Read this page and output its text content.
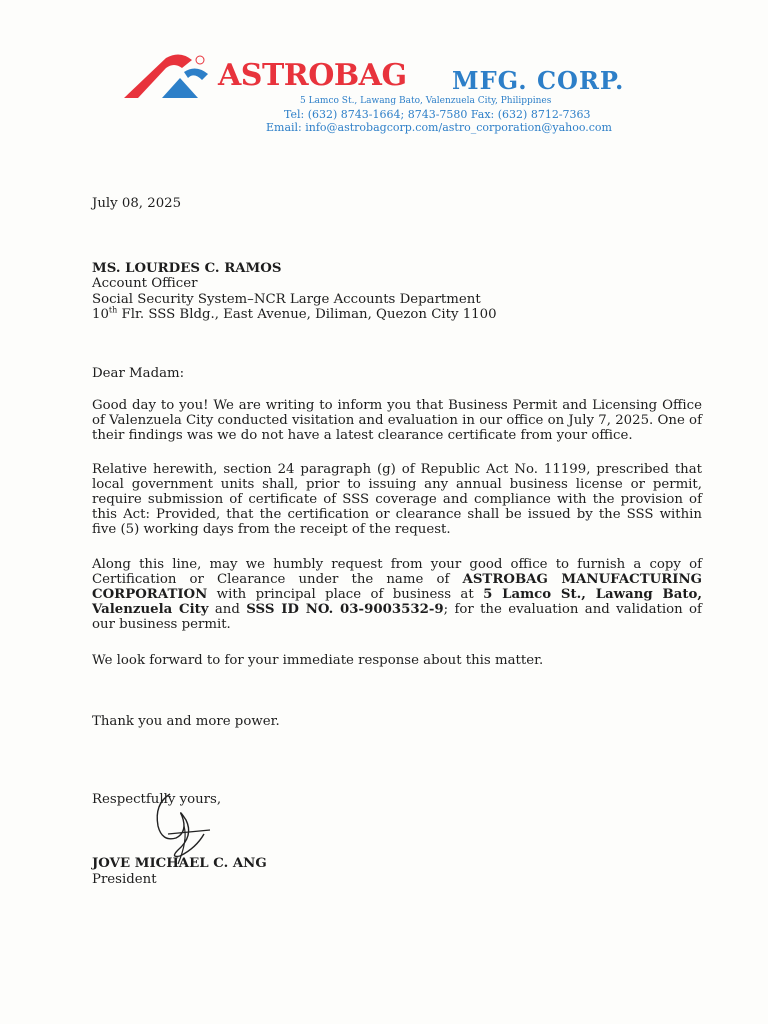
ASTROBAG MFG. CORP.
5 Lamco St., Lawang Bato, Valenzuela City, Philippines
Tel: (632) 8743-1664; 8743-7580 Fax: (632) 8712-7363
Email: info@astrobagcorp.com/astro_corporation@yahoo.com
July 08, 2025
MS. LOURDES C. RAMOS
Account Officer
Social Security System–NCR Large Accounts Department
10th Flr. SSS Bldg., East Avenue, Diliman, Quezon City 1100
Dear Madam:
Good day to you! We are writing to inform you that Business Permit and Licensing Office of Valenzuela City conducted visitation and evaluation in our office on July 7, 2025. One of their findings was we do not have a latest clearance certificate from your office.
Relative herewith, section 24 paragraph (g) of Republic Act No. 11199, prescribed that local government units shall, prior to issuing any annual business license or permit, require submission of certificate of SSS coverage and compliance with the provision of this Act: Provided, that the certification or clearance shall be issued by the SSS within five (5) working days from the receipt of the request.
Along this line, may we humbly request from your good office to furnish a copy of Certification or Clearance under the name of ASTROBAG MANUFACTURING CORPORATION with principal place of business at 5 Lamco St., Lawang Bato, Valenzuela City and SSS ID NO. 03-9003532-9; for the evaluation and validation of our business permit.
We look forward to for your immediate response about this matter.
Thank you and more power.
Respectfully yours,
JOVE MICHAEL C. ANG
President
